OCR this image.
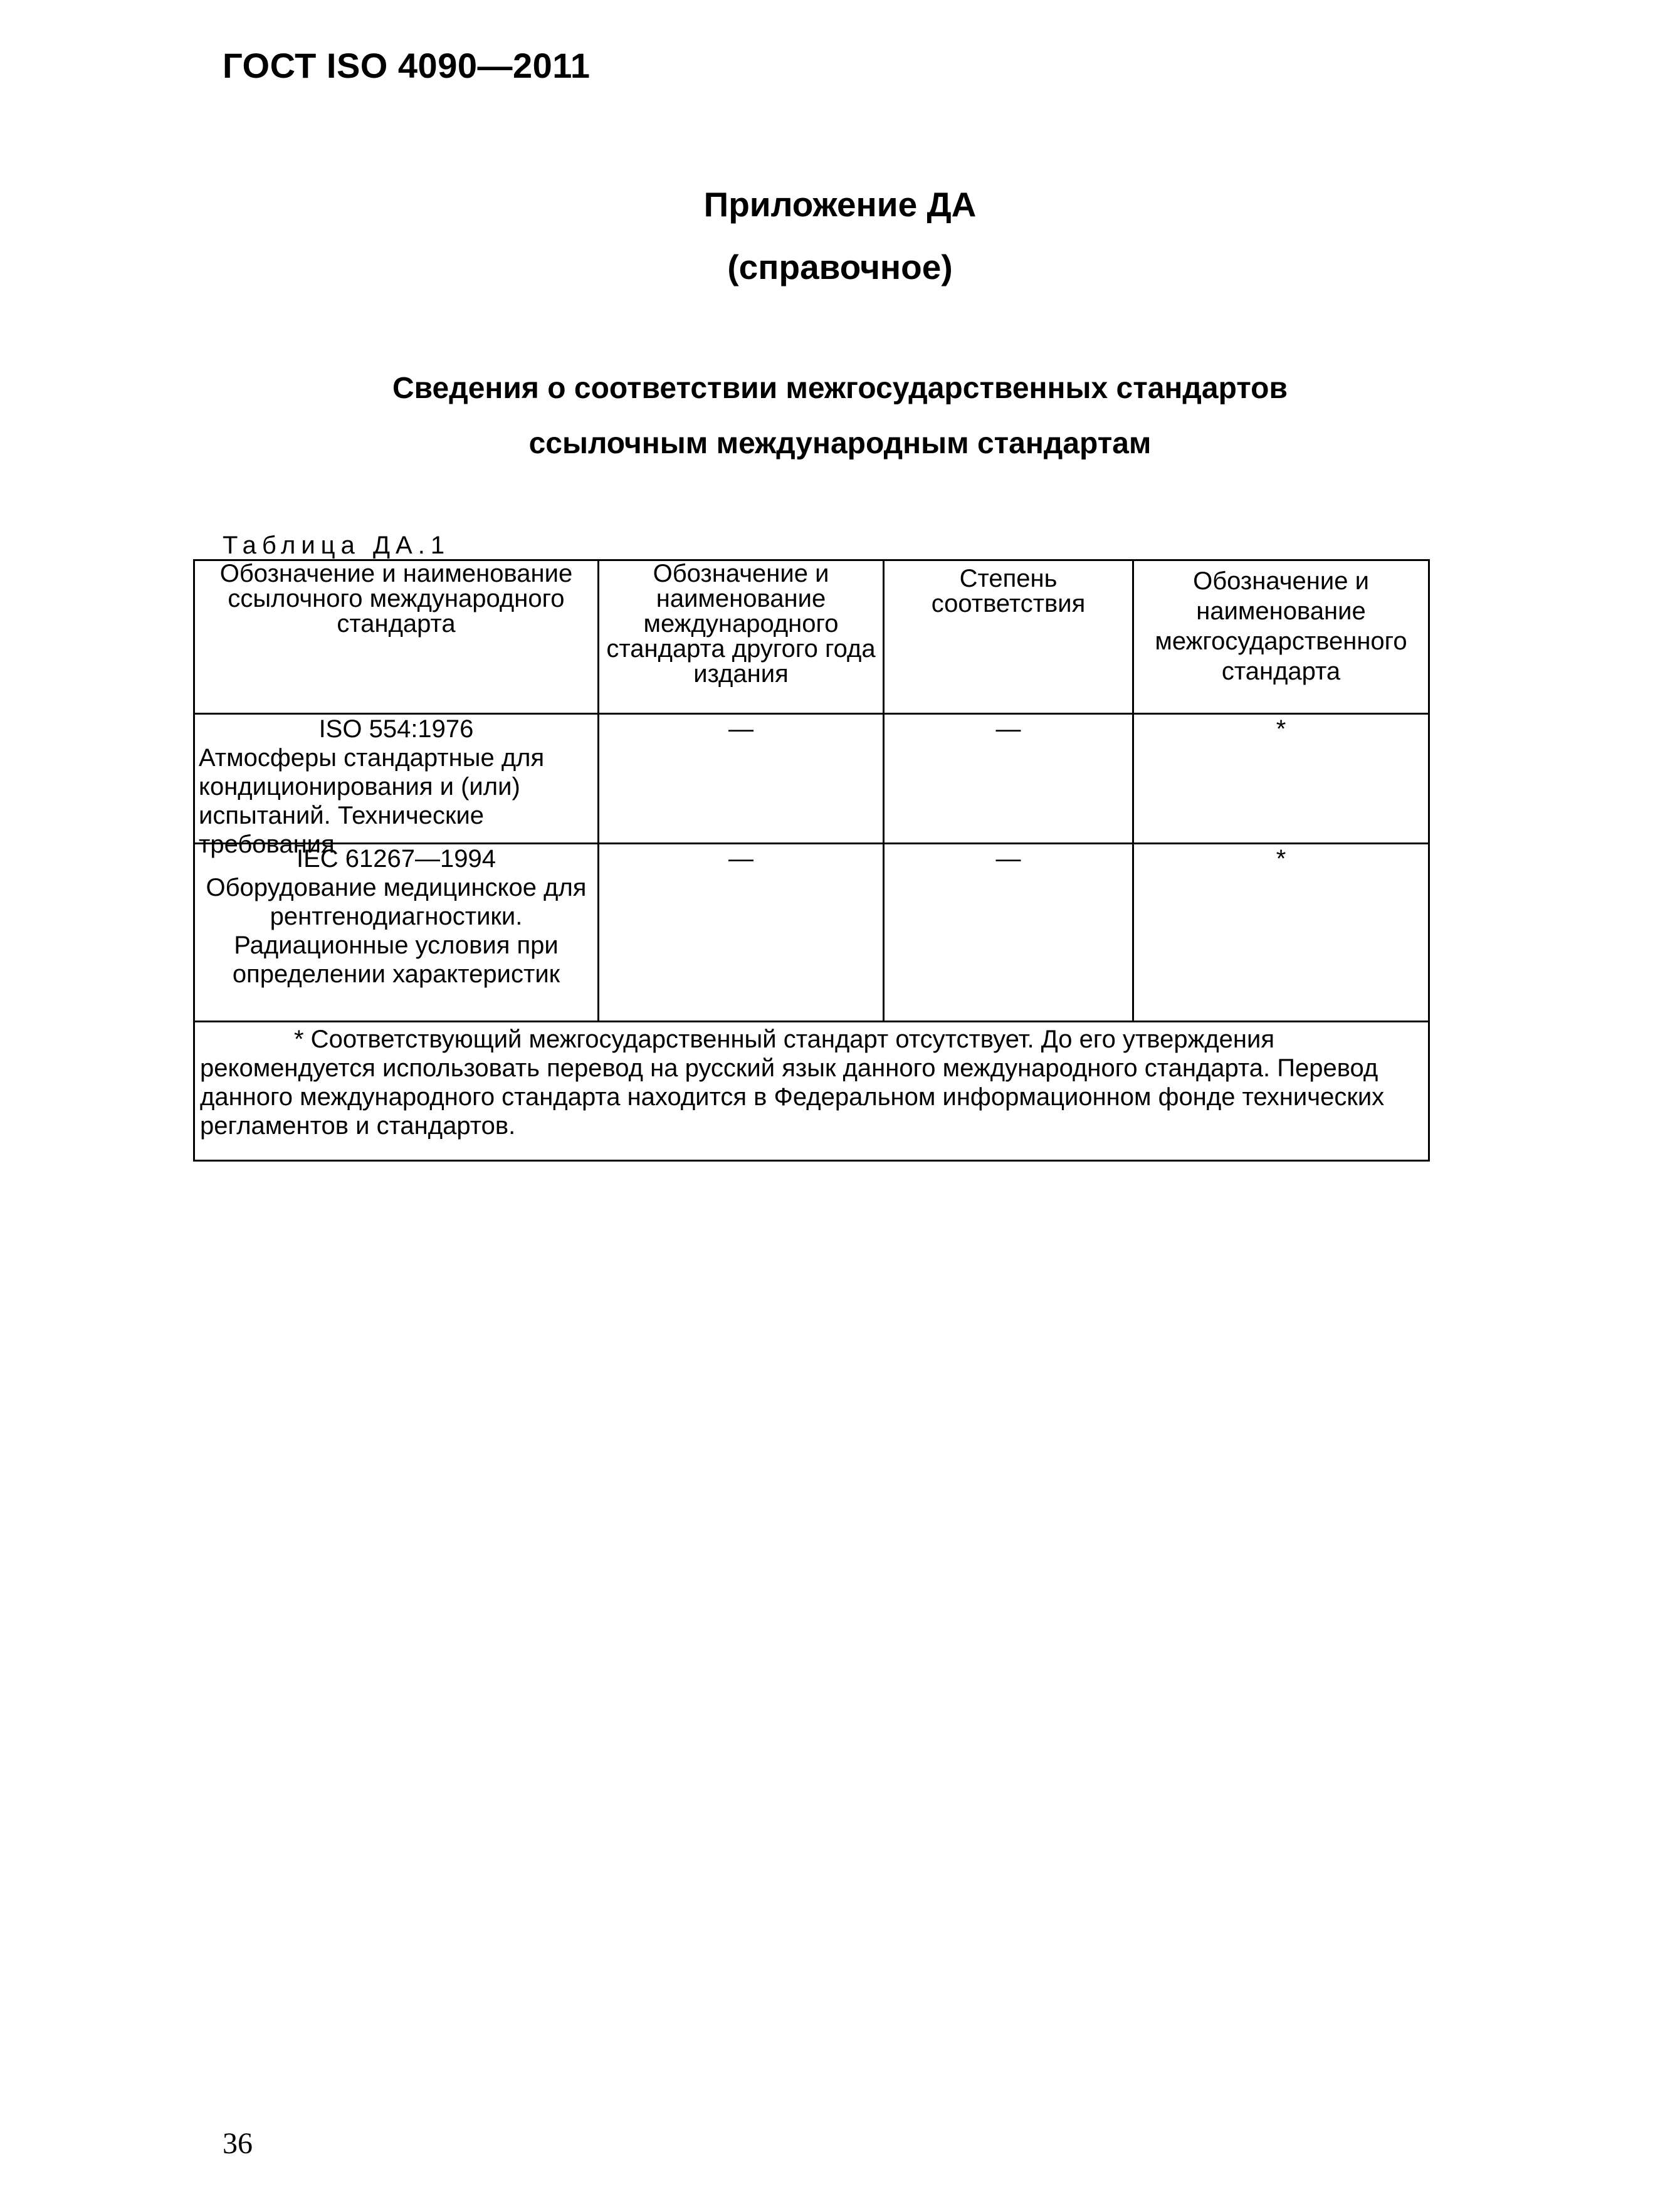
ГОСТ ISO 4090—2011
Приложение ДА
(справочное)
Сведения о соответствии межгосударственных стандартов
ссылочным международным стандартам
Таблица ДА.1
Обозначение и наименование ссылочного международного стандарта	Обозначение и наименование международного стандарта другого года издания	Степень соответствия	Обозначение и наименование межгосударственного стандарта

ISO 554:1976
Атмосферы стандартные для кондиционирования и (или) испытаний. Технические требования	—	—	*

IEC 61267—1994
Оборудование медицинское для рентгенодиагностики. Радиационные условия при определении характеристик	—	—	*

* Соответствующий межгосударственный стандарт отсутствует. До его утверждения
рекомендуется использовать перевод на русский язык данного международного стандарта. Перевод данного международного стандарта находится в Федеральном информационном фонде технических регламентов и стандартов.			
36
